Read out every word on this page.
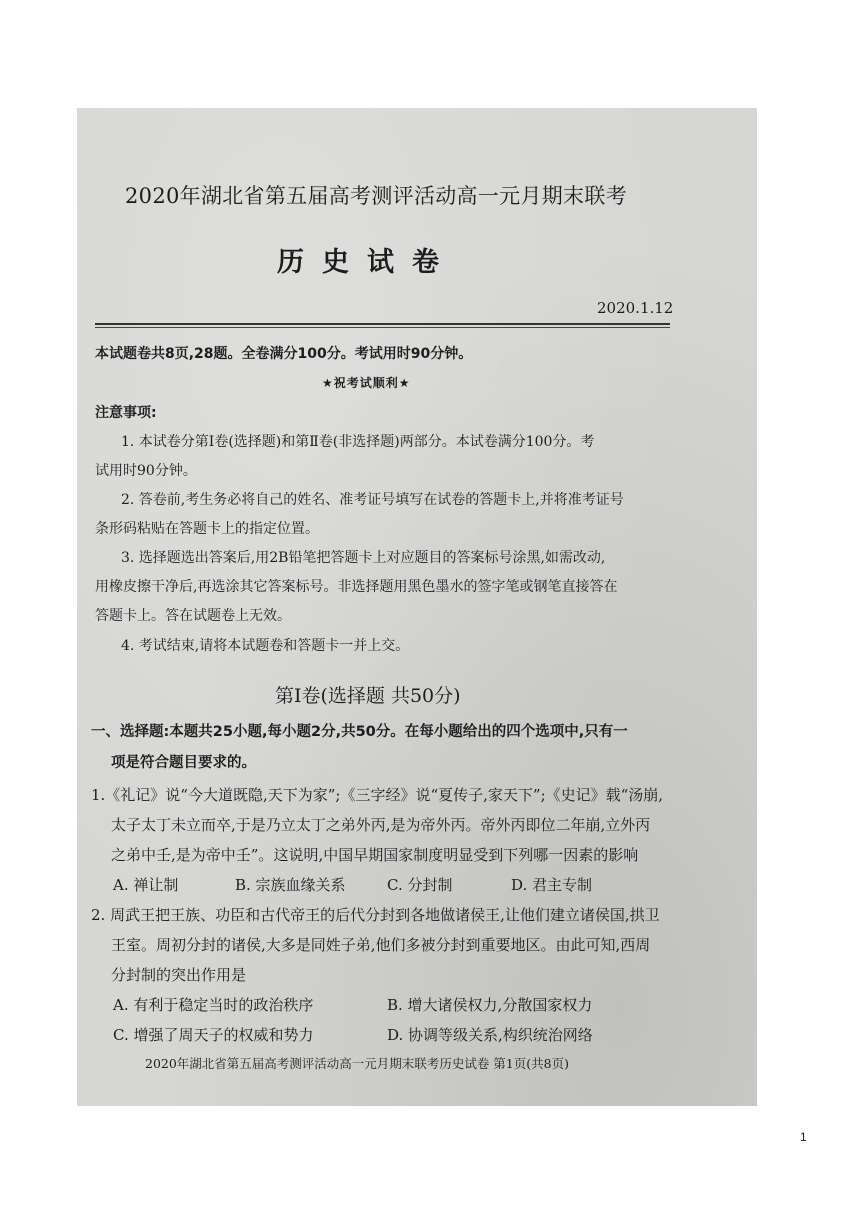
2020年湖北省第五届高考测评活动高一元月期末联考
历史试卷
2020.1.12
本试题卷共8页,28题。全卷满分100分。考试用时90分钟。
★祝考试顺利★
注意事项:
1. 本试卷分第Ⅰ卷(选择题)和第Ⅱ卷(非选择题)两部分。本试卷满分100分。考
试用时90分钟。
2. 答卷前,考生务必将自己的姓名、准考证号填写在试卷的答题卡上,并将准考证号
条形码粘贴在答题卡上的指定位置。
3. 选择题选出答案后,用2B铅笔把答题卡上对应题目的答案标号涂黑,如需改动,
用橡皮擦干净后,再选涂其它答案标号。非选择题用黑色墨水的签字笔或钢笔直接答在
答题卡上。答在试题卷上无效。
4. 考试结束,请将本试题卷和答题卡一并上交。
第Ⅰ卷(选择题 共50分)
一、选择题:本题共25小题,每小题2分,共50分。在每小题给出的四个选项中,只有一
项是符合题目要求的。
1.《礼记》说“今大道既隐,天下为家”;《三字经》说“夏传子,家天下”;《史记》载“汤崩,
太子太丁未立而卒,于是乃立太丁之弟外丙,是为帝外丙。帝外丙即位二年崩,立外丙
之弟中壬,是为帝中壬”。这说明,中国早期国家制度明显受到下列哪一因素的影响
A. 禅让制	B. 宗族血缘关系	C. 分封制	D. 君主专制
2. 周武王把王族、功臣和古代帝王的后代分封到各地做诸侯王,让他们建立诸侯国,拱卫
王室。周初分封的诸侯,大多是同姓子弟,他们多被分封到重要地区。由此可知,西周
分封制的突出作用是
A. 有利于稳定当时的政治秩序	B. 增大诸侯权力,分散国家权力
C. 增强了周天子的权威和势力	D. 协调等级关系,构织统治网络
2020年湖北省第五届高考测评活动高一元月期末联考历史试卷 第1页(共8页)
1
